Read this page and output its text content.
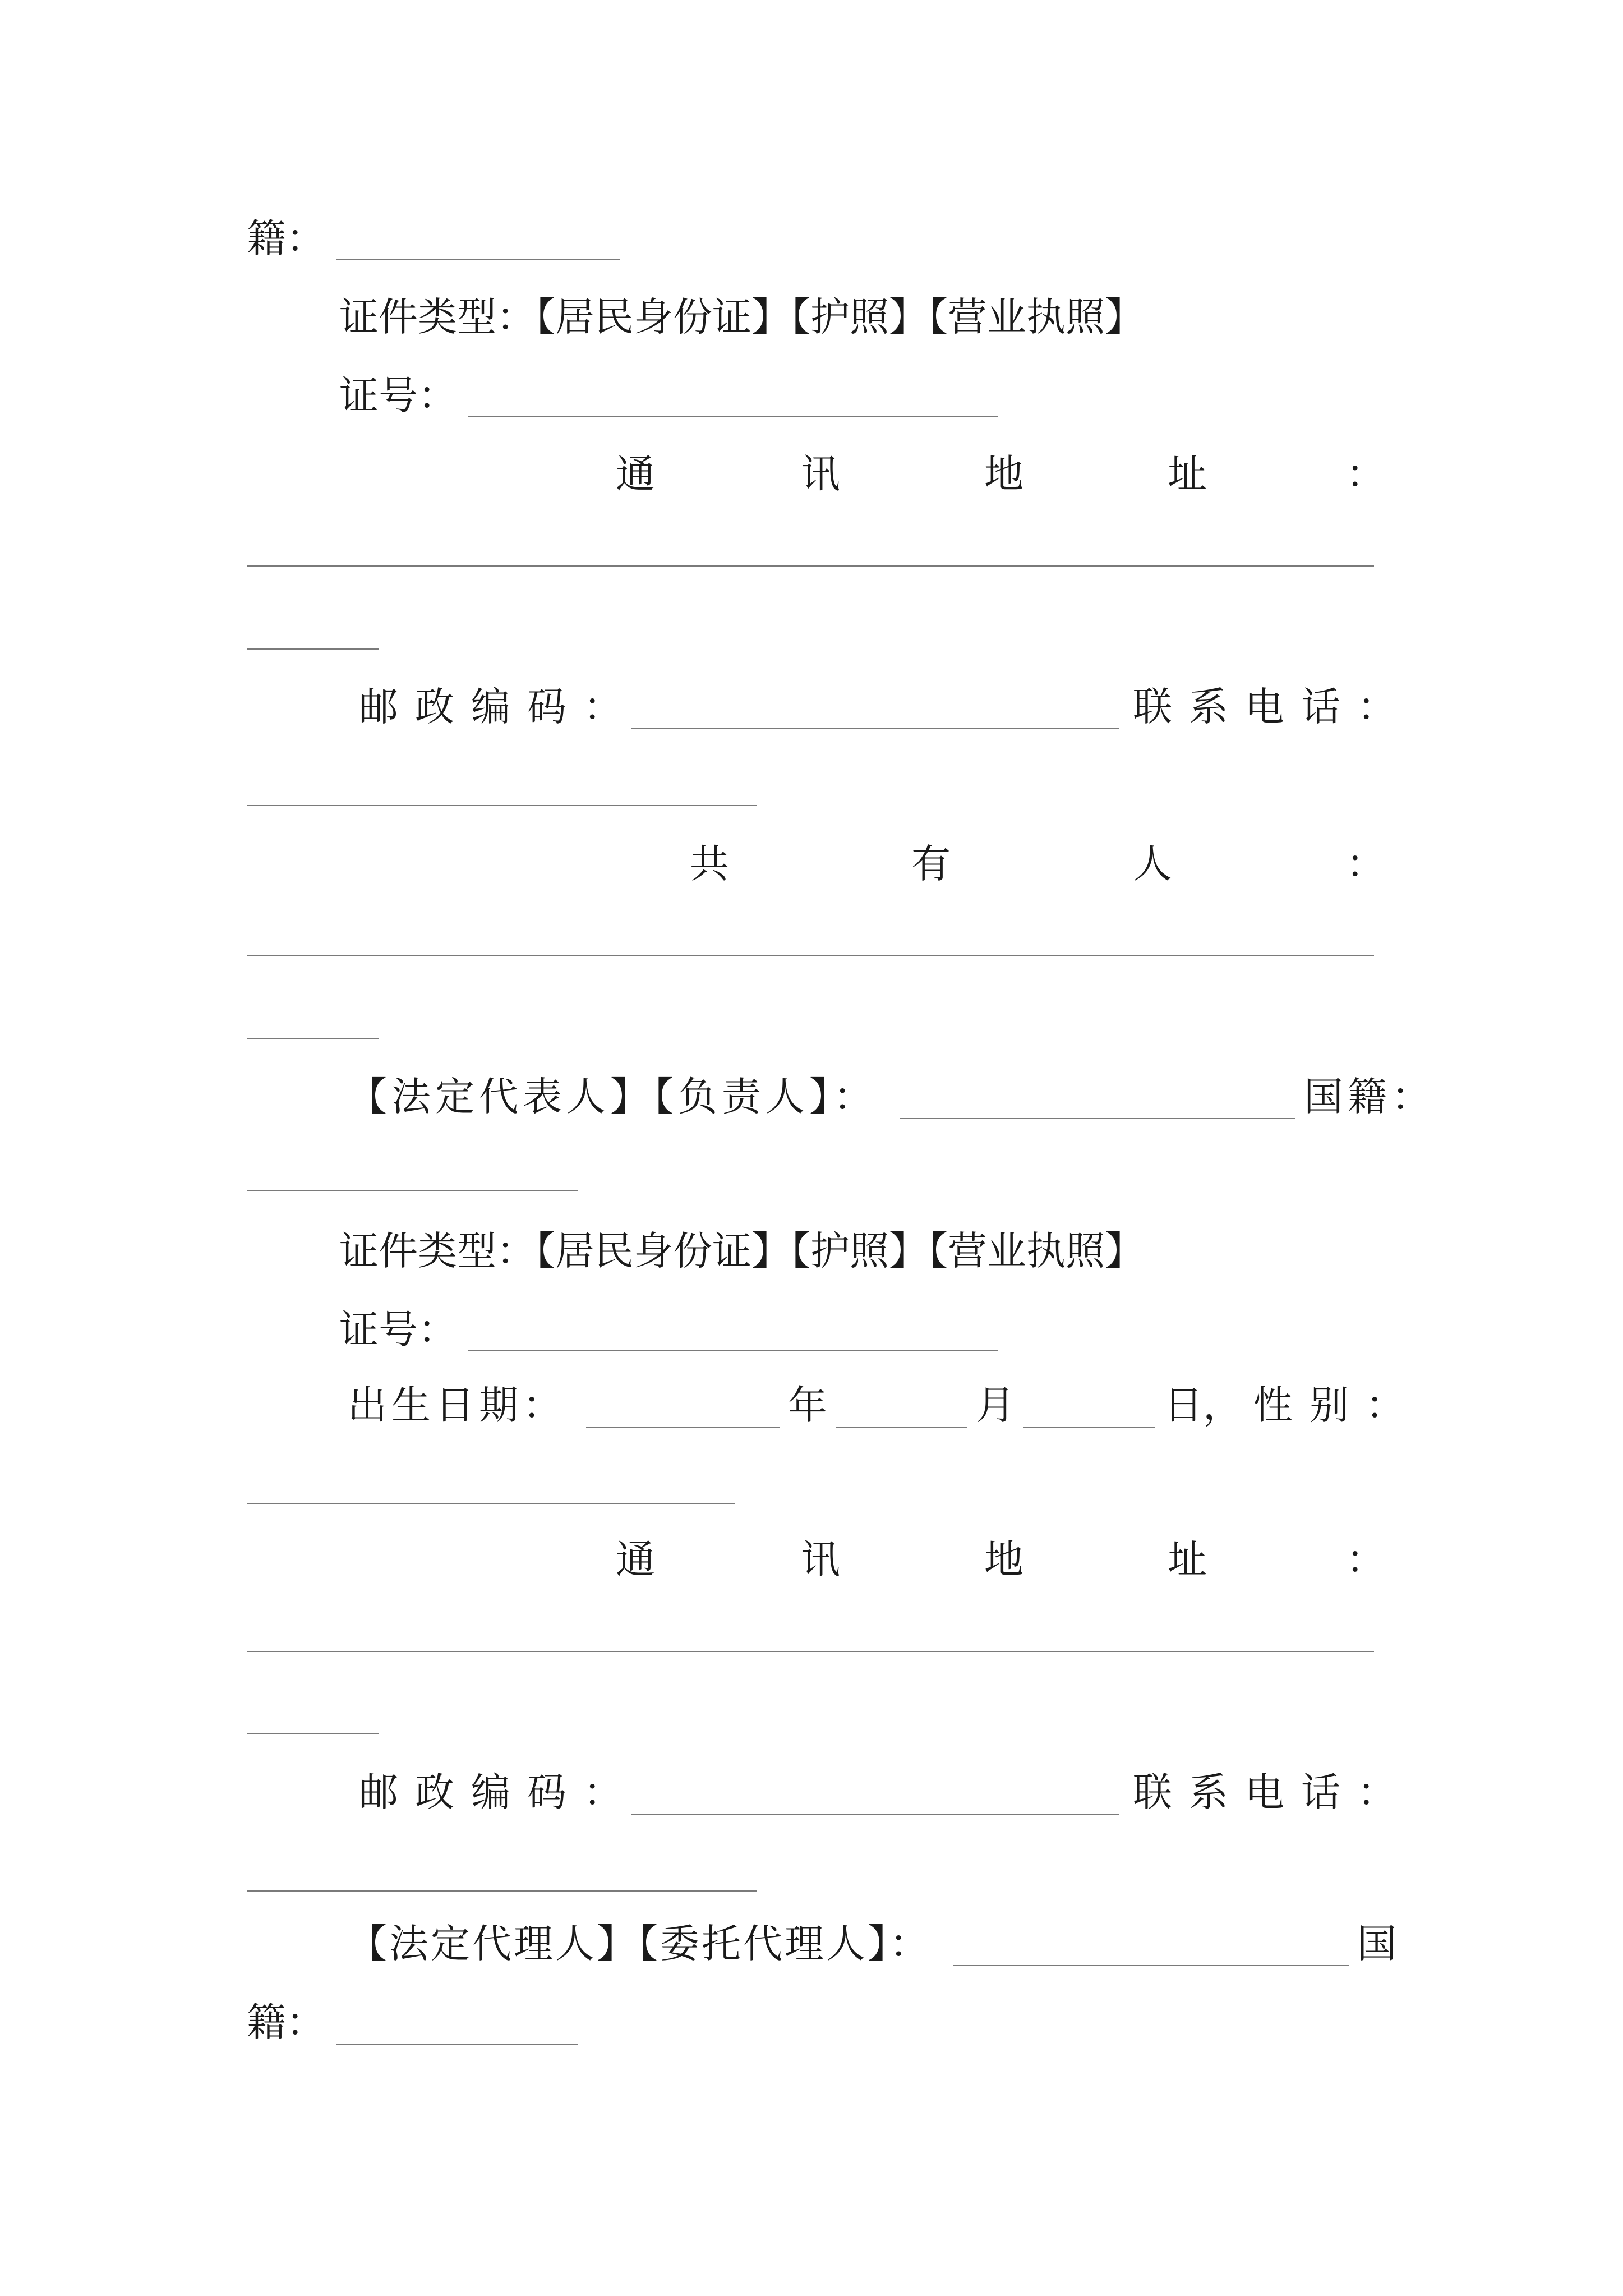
籍：
证件类型：【居民身份证】【护照】【营业执照】
证号：
通	讯	地	址	：
邮政编码：	联系电话：
共	有	人	：
【法定代表人】【负责人】：	国籍：
证件类型：【居民身份证】【护照】【营业执照】
证号：
出生日期：	年	月	日， 性别：
通	讯	地	址	：
邮政编码：	联系电话：
【法定代理人】【委托代理人】：	国
籍：
